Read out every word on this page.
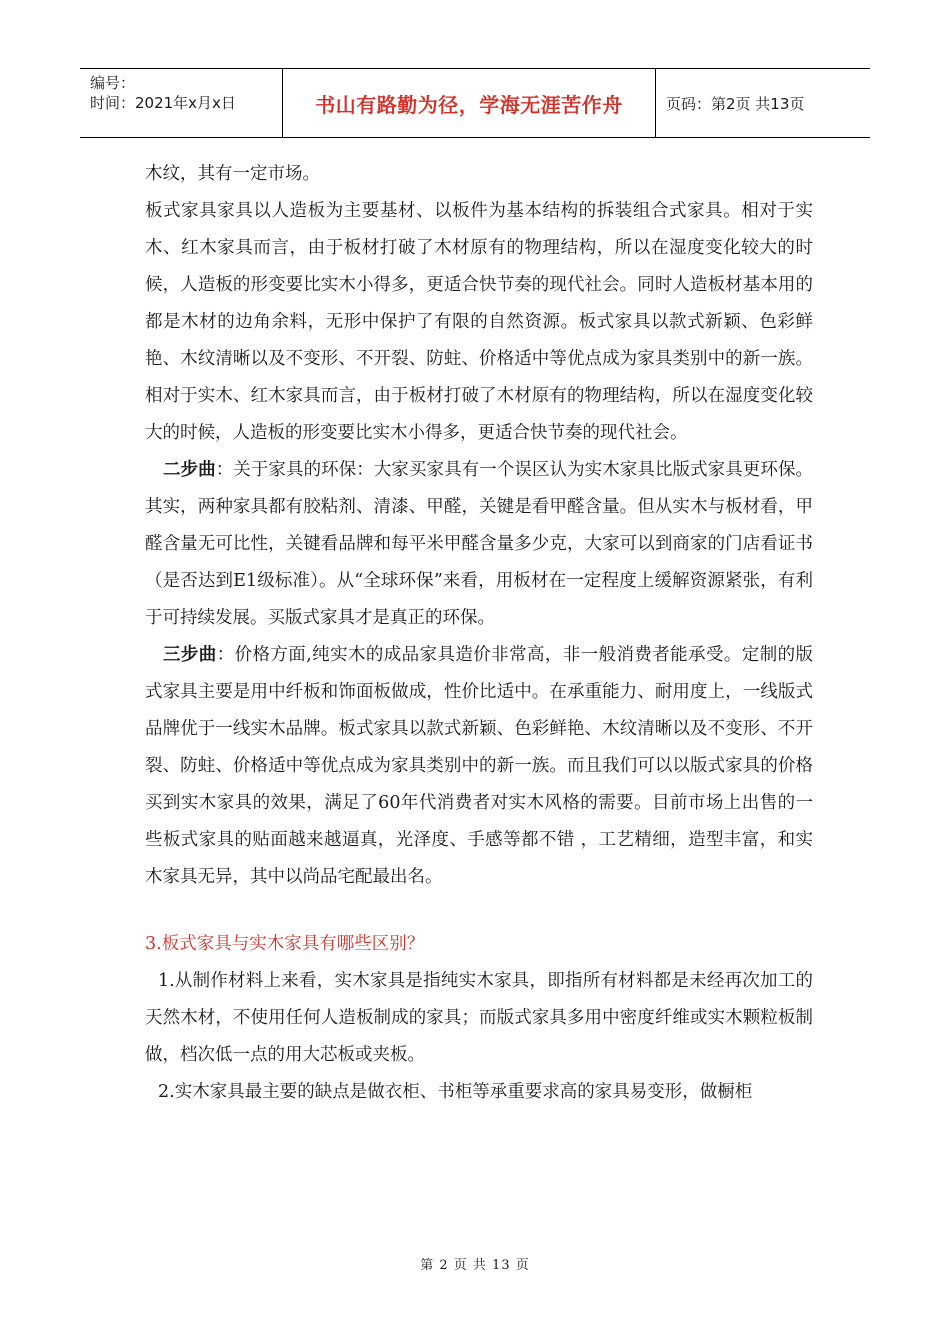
编号：
时间：2021年x月x日	书山有路勤为径，学海无涯苦作舟	页码：第2页 共13页

木纹，其有一定市场。

板式家具家具以人造板为主要基材、以板件为基本结构的拆装组合式家具。相对于实木、红木家具而言，由于板材打破了木材原有的物理结构，所以在湿度变化较大的时候，人造板的形变要比实木小得多，更适合快节奏的现代社会。同时人造板材基本用的都是木材的边角余料，无形中保护了有限的自然资源。板式家具以款式新颖、色彩鲜艳、木纹清晰以及不变形、不开裂、防蛀、价格适中等优点成为家具类别中的新一族。相对于实木、红木家具而言，由于板材打破了木材原有的物理结构，所以在湿度变化较大的时候，人造板的形变要比实木小得多，更适合快节奏的现代社会。

二步曲：关于家具的环保：大家买家具有一个误区认为实木家具比版式家具更环保。其实，两种家具都有胶粘剂、清漆、甲醛，关键是看甲醛含量。但从实木与板材看，甲醛含量无可比性，关键看品牌和每平米甲醛含量多少克，大家可以到商家的门店看证书（是否达到E1级标准）。从“全球环保”来看，用板材在一定程度上缓解资源紧张，有利于可持续发展。买版式家具才是真正的环保。

三步曲：价格方面,纯实木的成品家具造价非常高，非一般消费者能承受。定制的版式家具主要是用中纤板和饰面板做成，性价比适中。在承重能力、耐用度上，一线版式品牌优于一线实木品牌。板式家具以款式新颖、色彩鲜艳、木纹清晰以及不变形、不开裂、防蛀、价格适中等优点成为家具类别中的新一族。而且我们可以以版式家具的价格买到实木家具的效果，满足了60年代消费者对实木风格的需要。目前市场上出售的一些板式家具的贴面越来越逼真，光泽度、手感等都不错 ，工艺精细，造型丰富，和实木家具无异，其中以尚品宅配最出名。

3.板式家具与实木家具有哪些区别？

1.从制作材料上来看，实木家具是指纯实木家具，即指所有材料都是未经再次加工的天然木材，不使用任何人造板制成的家具；而版式家具多用中密度纤维或实木颗粒板制做，档次低一点的用大芯板或夹板。

2.实木家具最主要的缺点是做衣柜、书柜等承重要求高的家具易变形，做橱柜

第 2 页 共 13 页
